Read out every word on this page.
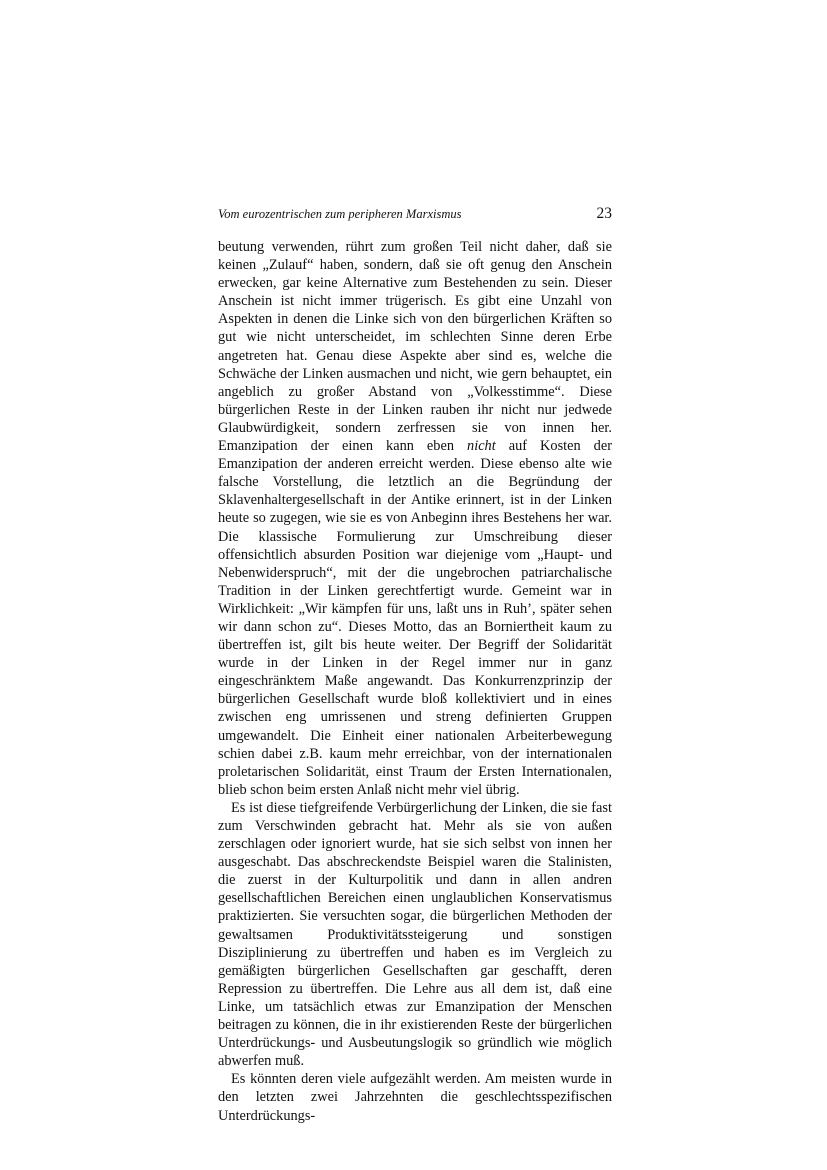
Vom eurozentrischen zum peripheren Marxismus	23

beutung verwenden, rührt zum großen Teil nicht daher, daß sie keinen „Zulauf“ haben, sondern, daß sie oft genug den Anschein erwecken, gar keine Alternative zum Bestehenden zu sein. Dieser Anschein ist nicht immer trügerisch. Es gibt eine Unzahl von Aspekten in denen die Linke sich von den bürgerlichen Kräften so gut wie nicht unterscheidet, im schlechten Sinne deren Erbe angetreten hat. Genau diese Aspekte aber sind es, welche die Schwäche der Linken ausmachen und nicht, wie gern behauptet, ein angeblich zu großer Abstand von „Volkesstimme“. Diese bürgerlichen Reste in der Linken rauben ihr nicht nur jedwede Glaubwürdigkeit, sondern zerfressen sie von innen her. Emanzipation der einen kann eben nicht auf Kosten der Emanzipation der anderen erreicht werden. Diese ebenso alte wie falsche Vorstellung, die letztlich an die Begründung der Sklavenhaltergesellschaft in der Antike erinnert, ist in der Linken heute so zugegen, wie sie es von Anbeginn ihres Bestehens her war. Die klassische Formulierung zur Umschreibung dieser offensichtlich absurden Position war diejenige vom „Haupt- und Nebenwiderspruch“, mit der die ungebrochen patriarchalische Tradition in der Linken gerechtfertigt wurde. Gemeint war in Wirklichkeit: „Wir kämpfen für uns, laßt uns in Ruh’, später sehen wir dann schon zu“. Dieses Motto, das an Borniertheit kaum zu übertreffen ist, gilt bis heute weiter. Der Begriff der Solidarität wurde in der Linken in der Regel immer nur in ganz eingeschränktem Maße angewandt. Das Konkurrenzprinzip der bürgerlichen Gesellschaft wurde bloß kollektiviert und in eines zwischen eng umrissenen und streng definierten Gruppen umgewandelt. Die Einheit einer nationalen Arbeiterbewegung schien dabei z.B. kaum mehr erreichbar, von der internationalen proletarischen Solidarität, einst Traum der Ersten Internationalen, blieb schon beim ersten Anlaß nicht mehr viel übrig.

Es ist diese tiefgreifende Verbürgerlichung der Linken, die sie fast zum Verschwinden gebracht hat. Mehr als sie von außen zerschlagen oder ignoriert wurde, hat sie sich selbst von innen her ausgeschabt. Das abschreckendste Beispiel waren die Stalinisten, die zuerst in der Kulturpolitik und dann in allen andren gesellschaftlichen Bereichen einen unglaublichen Konservatismus praktizierten. Sie versuchten sogar, die bürgerlichen Methoden der gewaltsamen Produktivitätssteigerung und sonstigen Disziplinierung zu übertreffen und haben es im Vergleich zu gemäßigten bürgerlichen Gesellschaften gar geschafft, deren Repression zu übertreffen. Die Lehre aus all dem ist, daß eine Linke, um tatsächlich etwas zur Emanzipation der Menschen beitragen zu können, die in ihr existierenden Reste der bürgerlichen Unterdrückungs- und Ausbeutungslogik so gründlich wie möglich abwerfen muß.

Es könnten deren viele aufgezählt werden. Am meisten wurde in den letzten zwei Jahrzehnten die geschlechtsspezifischen Unterdrückungs-
